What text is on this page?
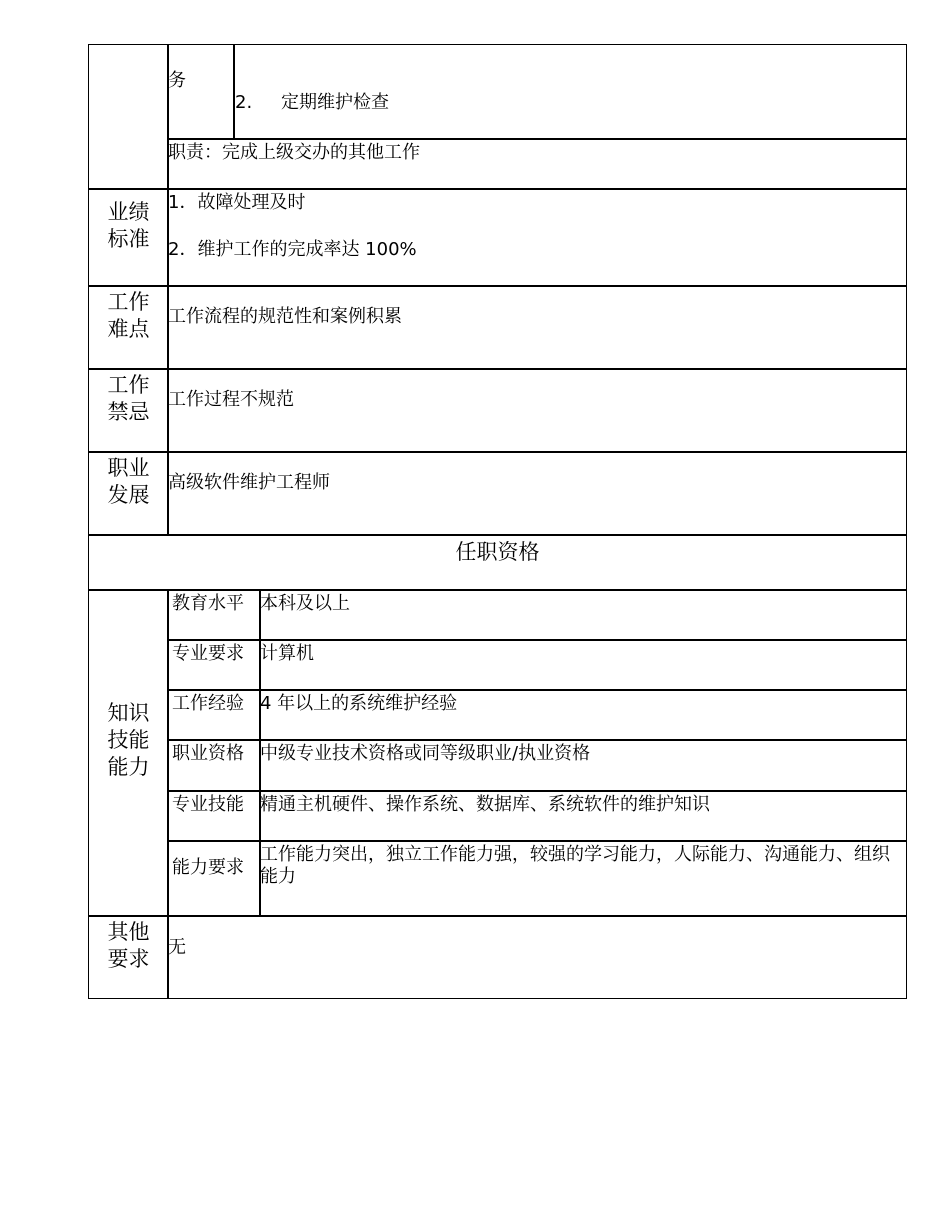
务
2. 定期维护检查
职责：完成上级交办的其他工作
业绩
标准
1．故障处理及时
2．维护工作的完成率达 100%
工作
难点
工作流程的规范性和案例积累
工作
禁忌
工作过程不规范
职业
发展
高级软件维护工程师
任职资格
知识
技能
能力
教育水平 本科及以上
专业要求 计算机
工作经验 4 年以上的系统维护经验
职业资格 中级专业技术资格或同等级职业/执业资格
专业技能 精通主机硬件、操作系统、数据库、系统软件的维护知识
能力要求
工作能力突出，独立工作能力强，较强的学习能力，人际能力、沟通能力、组织能力
其他
要求	无
